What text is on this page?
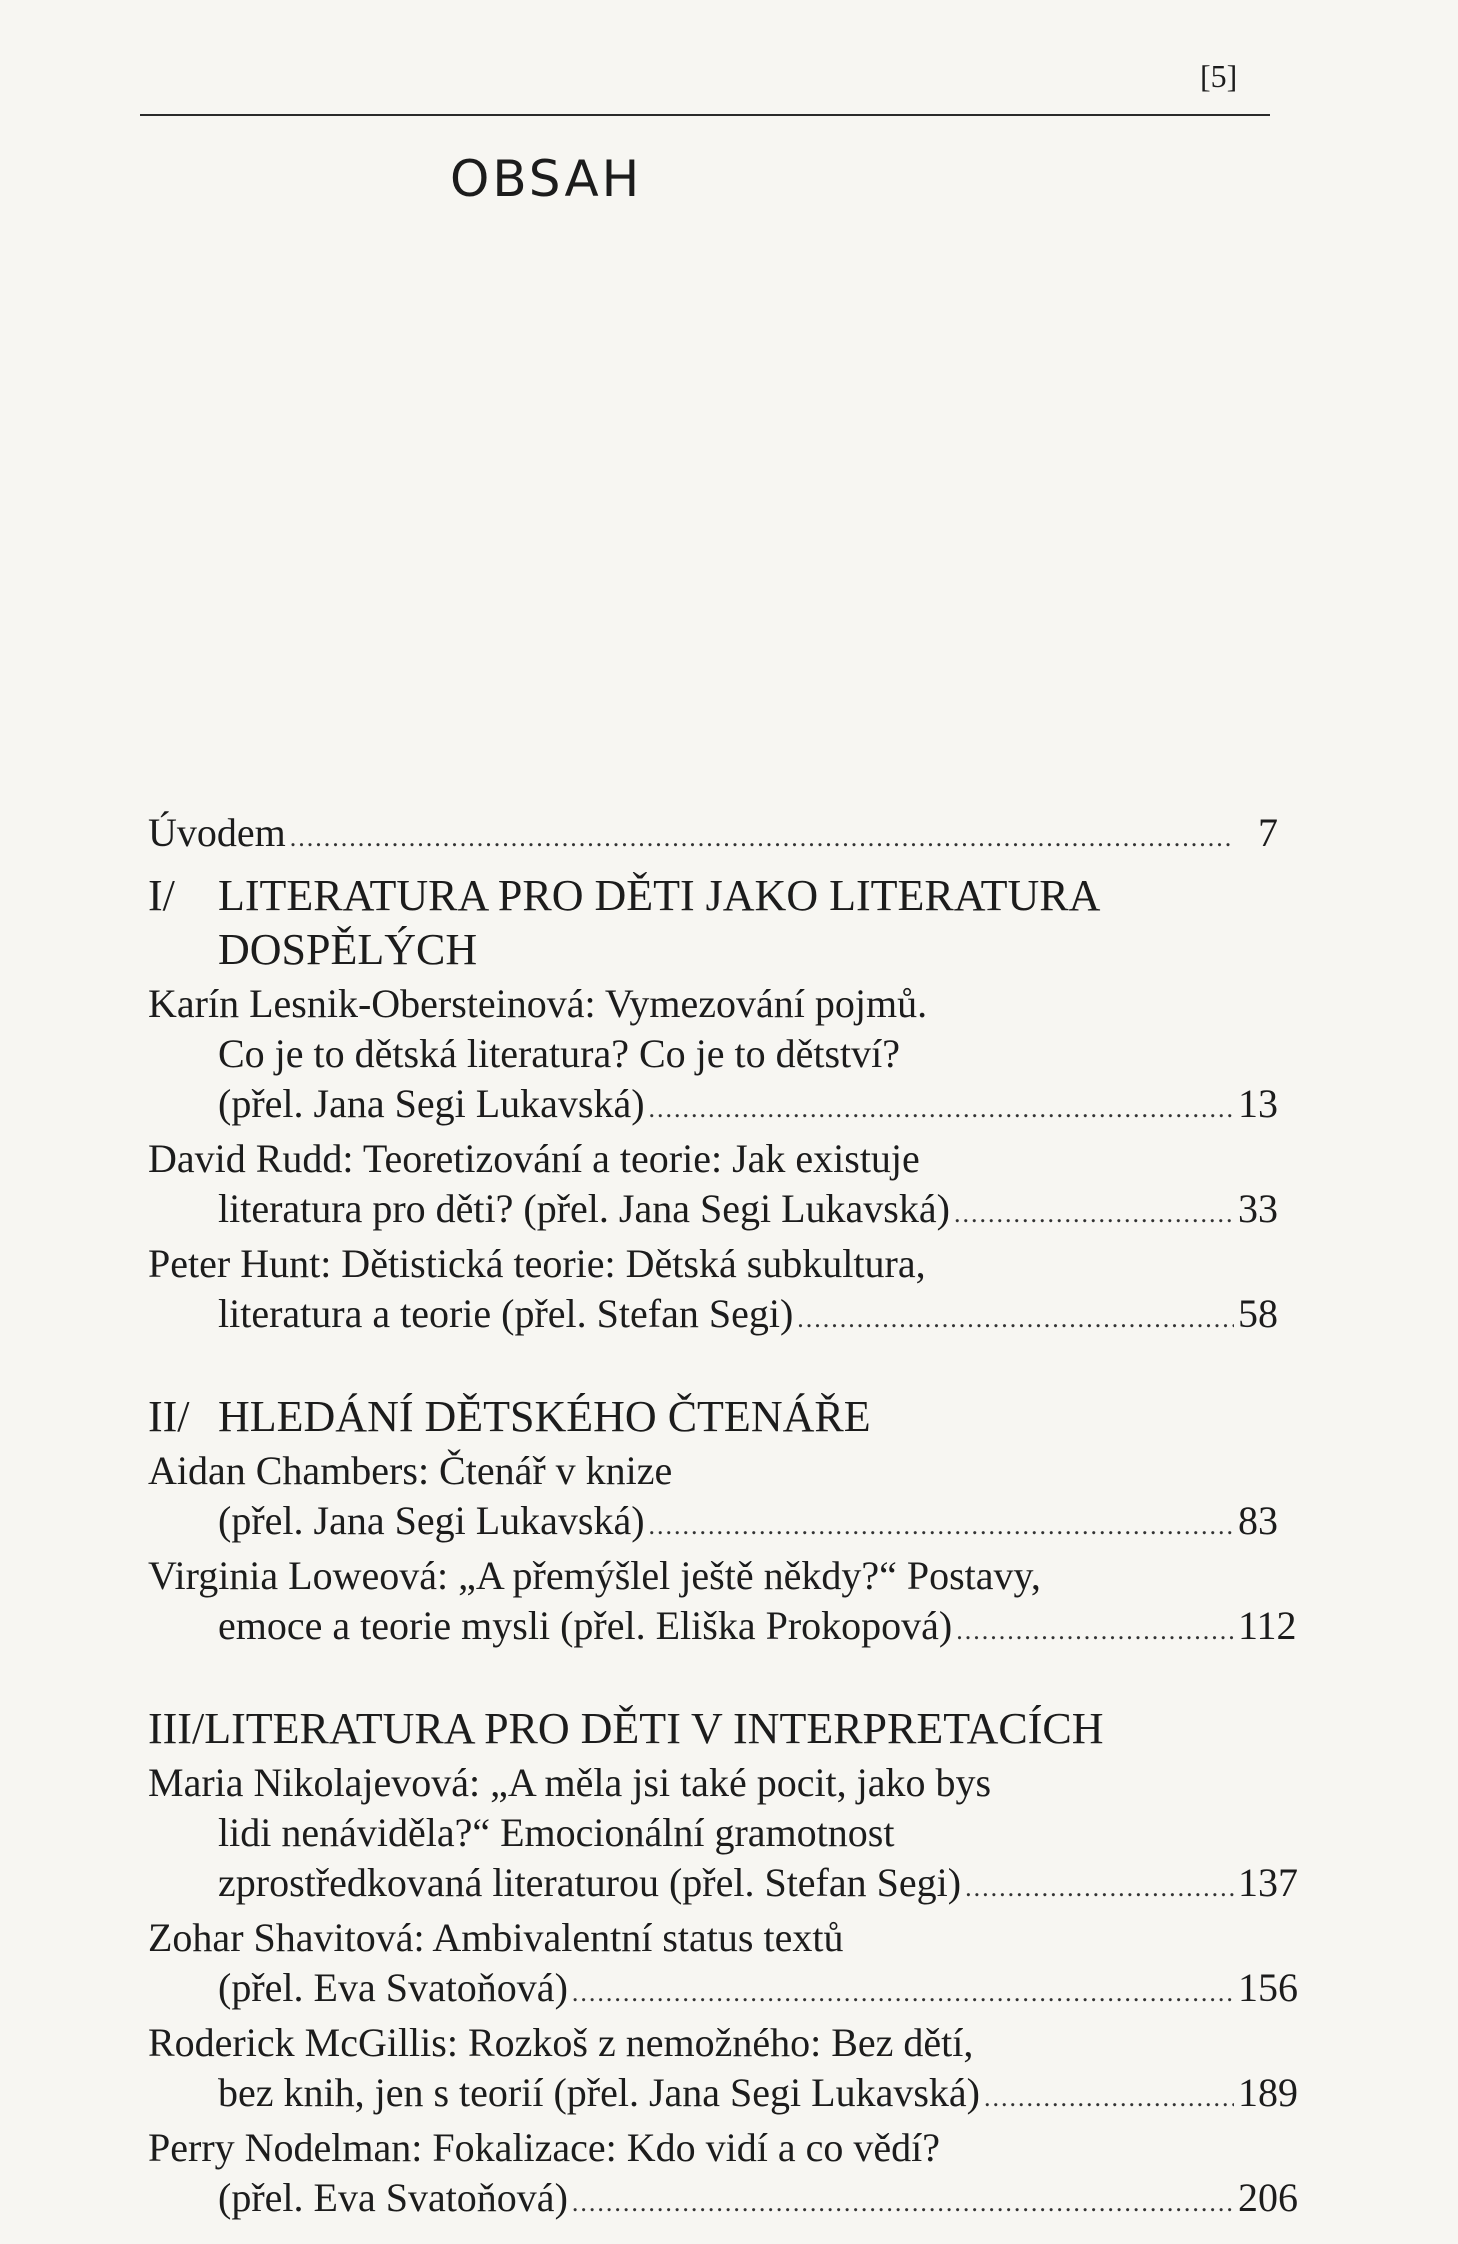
[5]
OBSAH
Úvodem .....	7
I/ LITERATURA PRO DĚTI JAKO LITERATURA
DOSPĚLÝCH
Karín Lesnik-Obersteinová: Vymezování pojmů.
Co je to dětská literatura? Co je to dětství?
(přel. Jana Segi Lukavská) .....	13
David Rudd: Teoretizování a teorie: Jak existuje
literatura pro děti? (přel. Jana Segi Lukavská) .....	33
Peter Hunt: Dětistická teorie: Dětská subkultura,
literatura a teorie (přel. Stefan Segi) .....	58
II/ HLEDÁNÍ DĚTSKÉHO ČTENÁŘE
Aidan Chambers: Čtenář v knize
(přel. Jana Segi Lukavská) .....	83
Virginia Loweová: „A přemýšlel ještě někdy?“ Postavy,
emoce a teorie mysli (přel. Eliška Prokopová) .....	112
III/ LITERATURA PRO DĚTI V INTERPRETACÍCH
Maria Nikolajevová: „A měla jsi také pocit, jako bys
lidi nenáviděla?“ Emocionální gramotnost
zprostředkovaná literaturou (přel. Stefan Segi) .....	137
Zohar Shavitová: Ambivalentní status textů
(přel. Eva Svatoňová) .....	156
Roderick McGillis: Rozkoš z nemožného: Bez dětí,
bez knih, jen s teorií (přel. Jana Segi Lukavská) .....	189
Perry Nodelman: Fokalizace: Kdo vidí a co vědí?
(přel. Eva Svatoňová) .....	206
